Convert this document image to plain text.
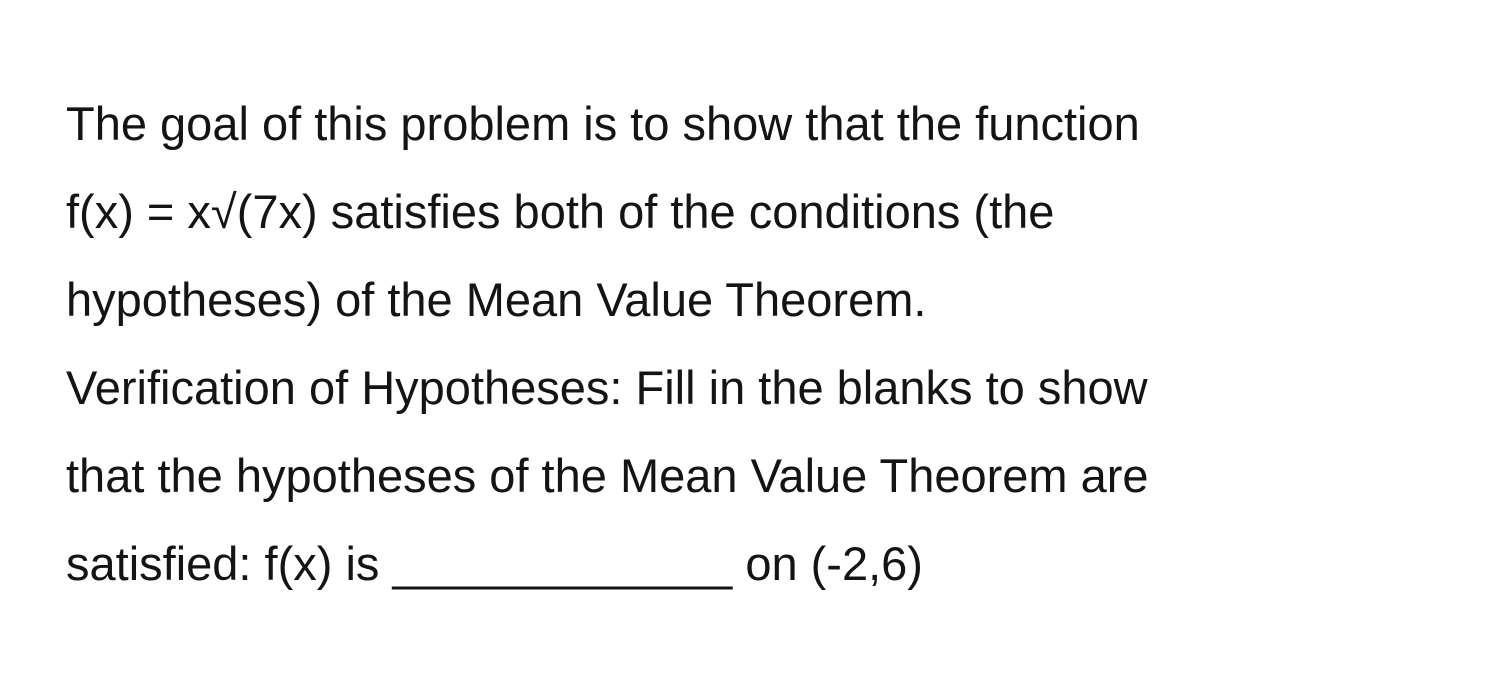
The goal of this problem is to show that the function
f(x) = x√(7x) satisfies both of the conditions (the
hypotheses) of the Mean Value Theorem.
Verification of Hypotheses: Fill in the blanks to show
that the hypotheses of the Mean Value Theorem are
satisfied: f(x) is _____________ on (-2,6)
